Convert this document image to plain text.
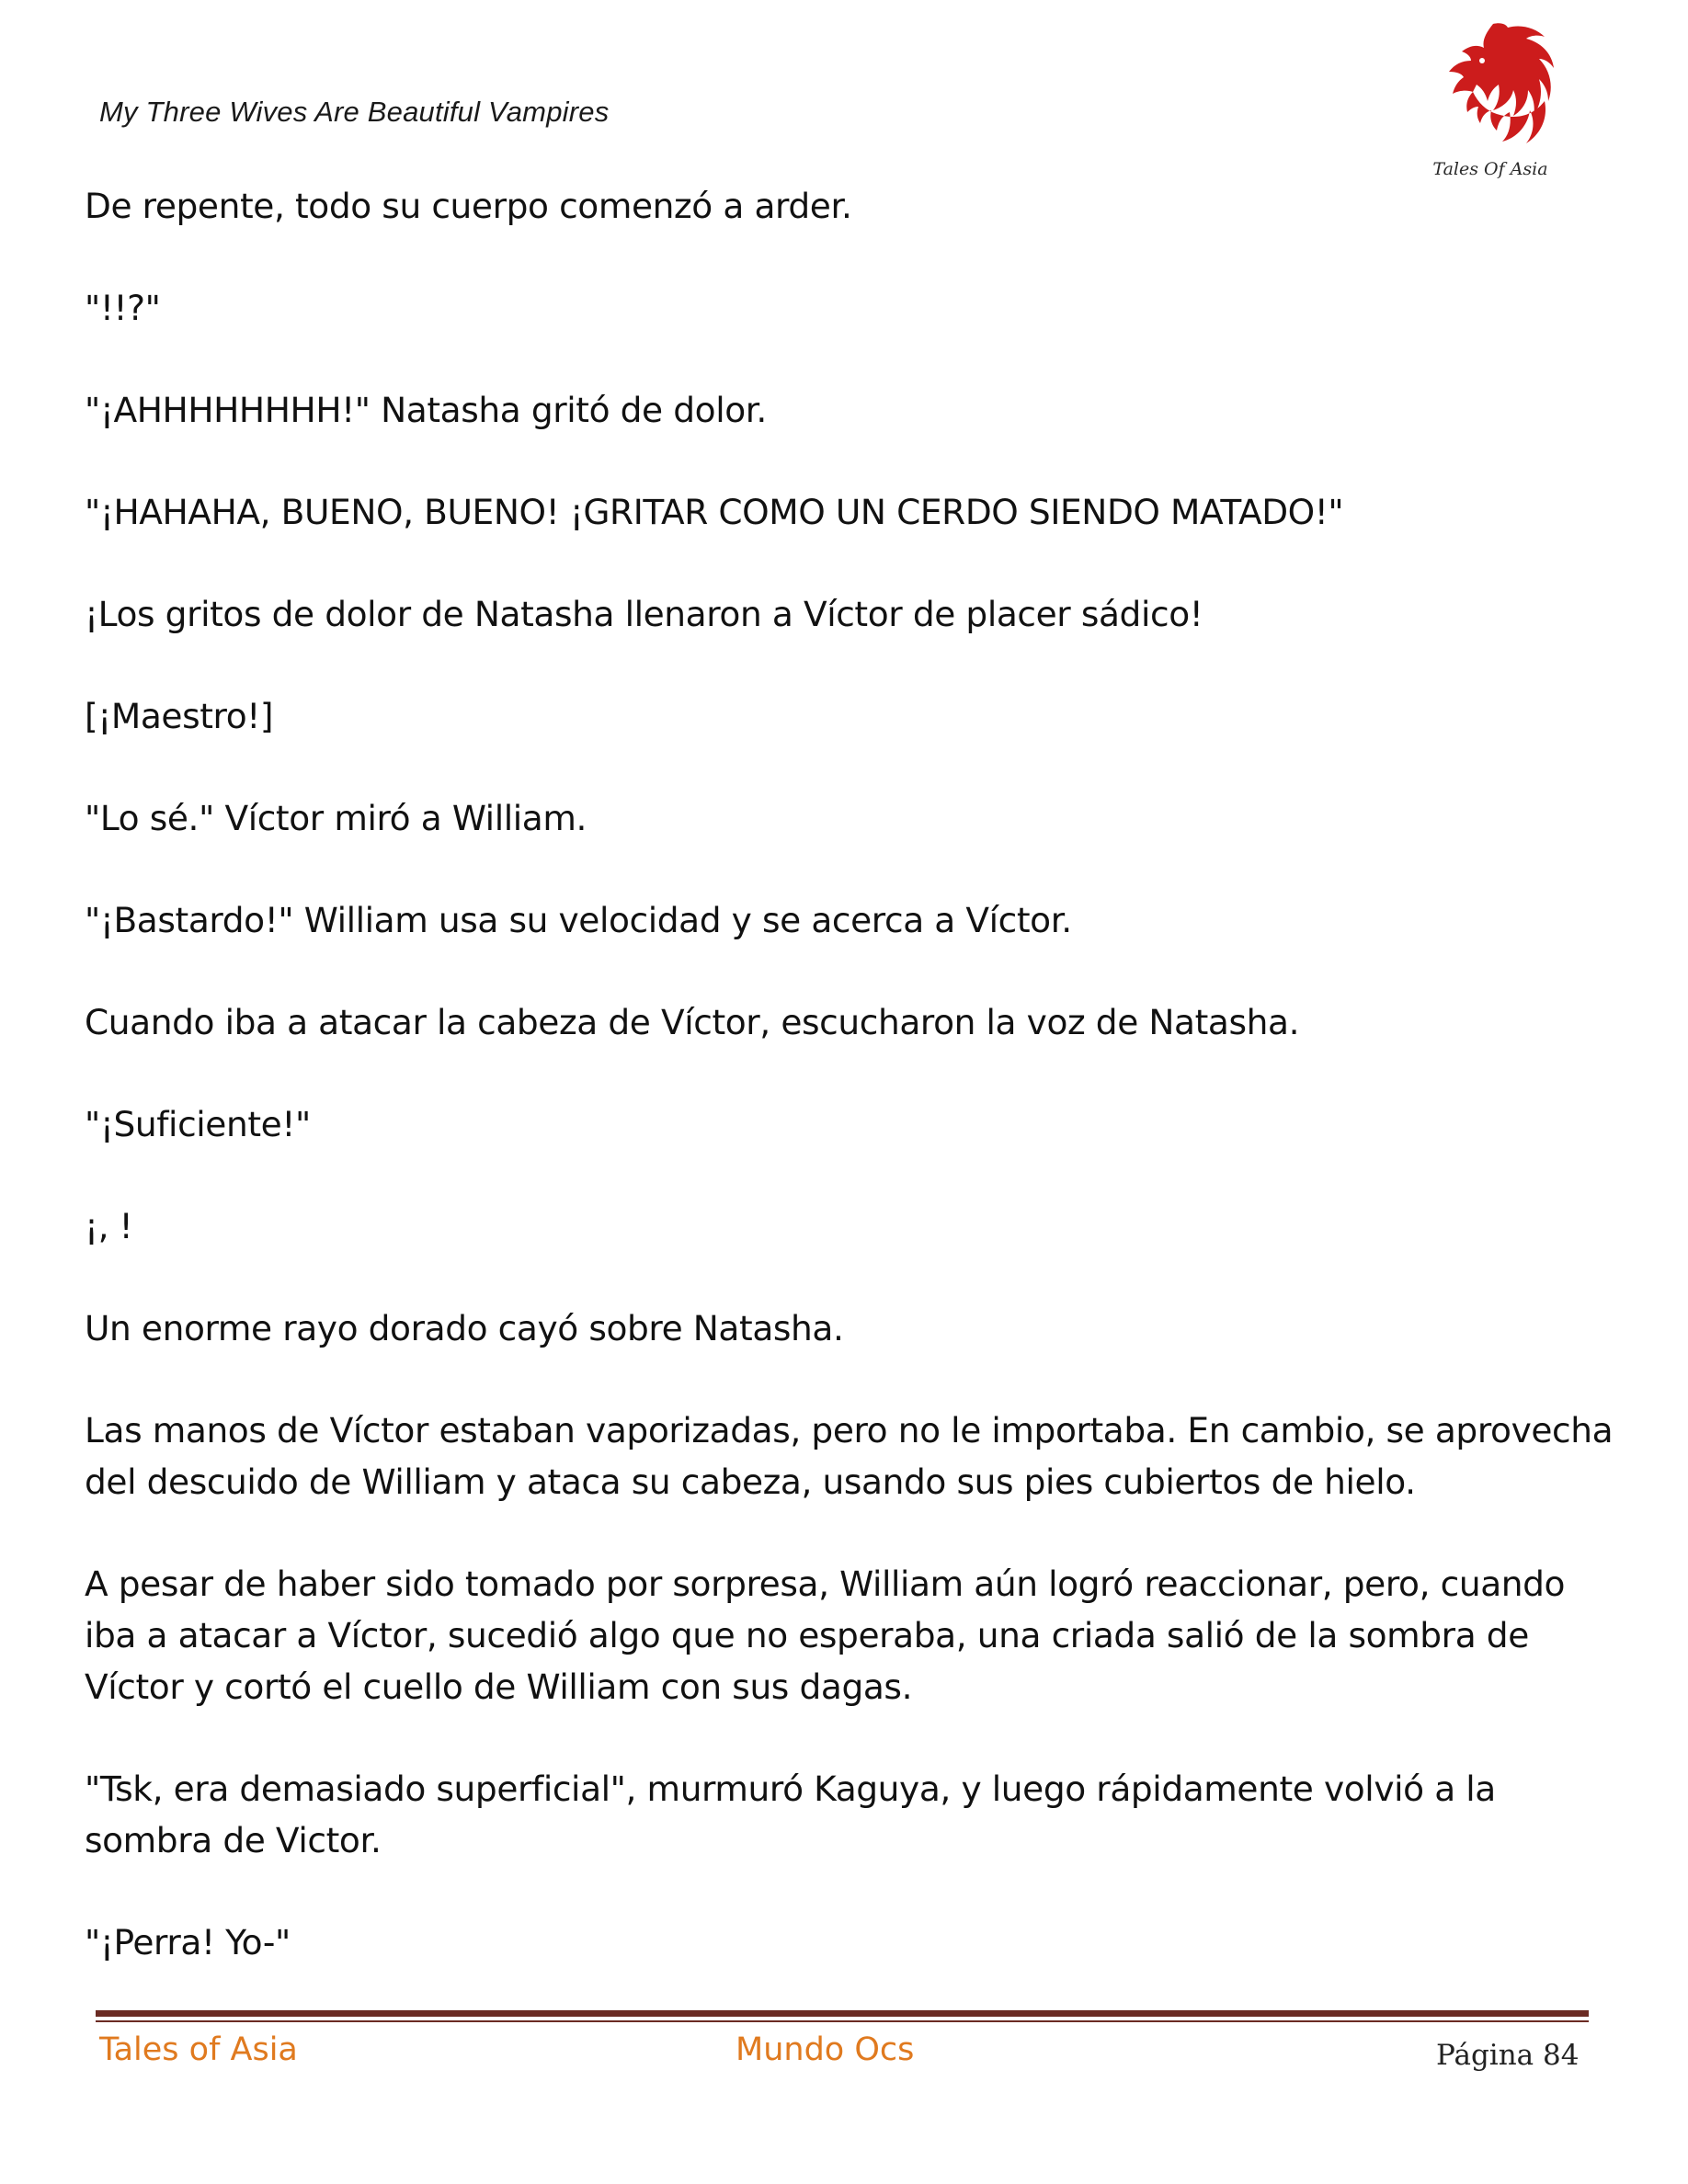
My Three Wives Are Beautiful Vampires
Tales Of Asia

De repente, todo su cuerpo comenzó a arder.

"!!?"

"¡AHHHHHHHH!" Natasha gritó de dolor.

"¡HAHAHA, BUENO, BUENO! ¡GRITAR COMO UN CERDO SIENDO MATADO!"

¡Los gritos de dolor de Natasha llenaron a Víctor de placer sádico!

[¡Maestro!]

"Lo sé." Víctor miró a William.

"¡Bastardo!" William usa su velocidad y se acerca a Víctor.

Cuando iba a atacar la cabeza de Víctor, escucharon la voz de Natasha.

"¡Suficiente!"

¡, !

Un enorme rayo dorado cayó sobre Natasha.

Las manos de Víctor estaban vaporizadas, pero no le importaba. En cambio, se aprovecha del descuido de William y ataca su cabeza, usando sus pies cubiertos de hielo.

A pesar de haber sido tomado por sorpresa, William aún logró reaccionar, pero, cuando iba a atacar a Víctor, sucedió algo que no esperaba, una criada salió de la sombra de Víctor y cortó el cuello de William con sus dagas.

"Tsk, era demasiado superficial", murmuró Kaguya, y luego rápidamente volvió a la sombra de Victor.

"¡Perra! Yo-"

Tales of Asia	Mundo Ocs	Página 84
